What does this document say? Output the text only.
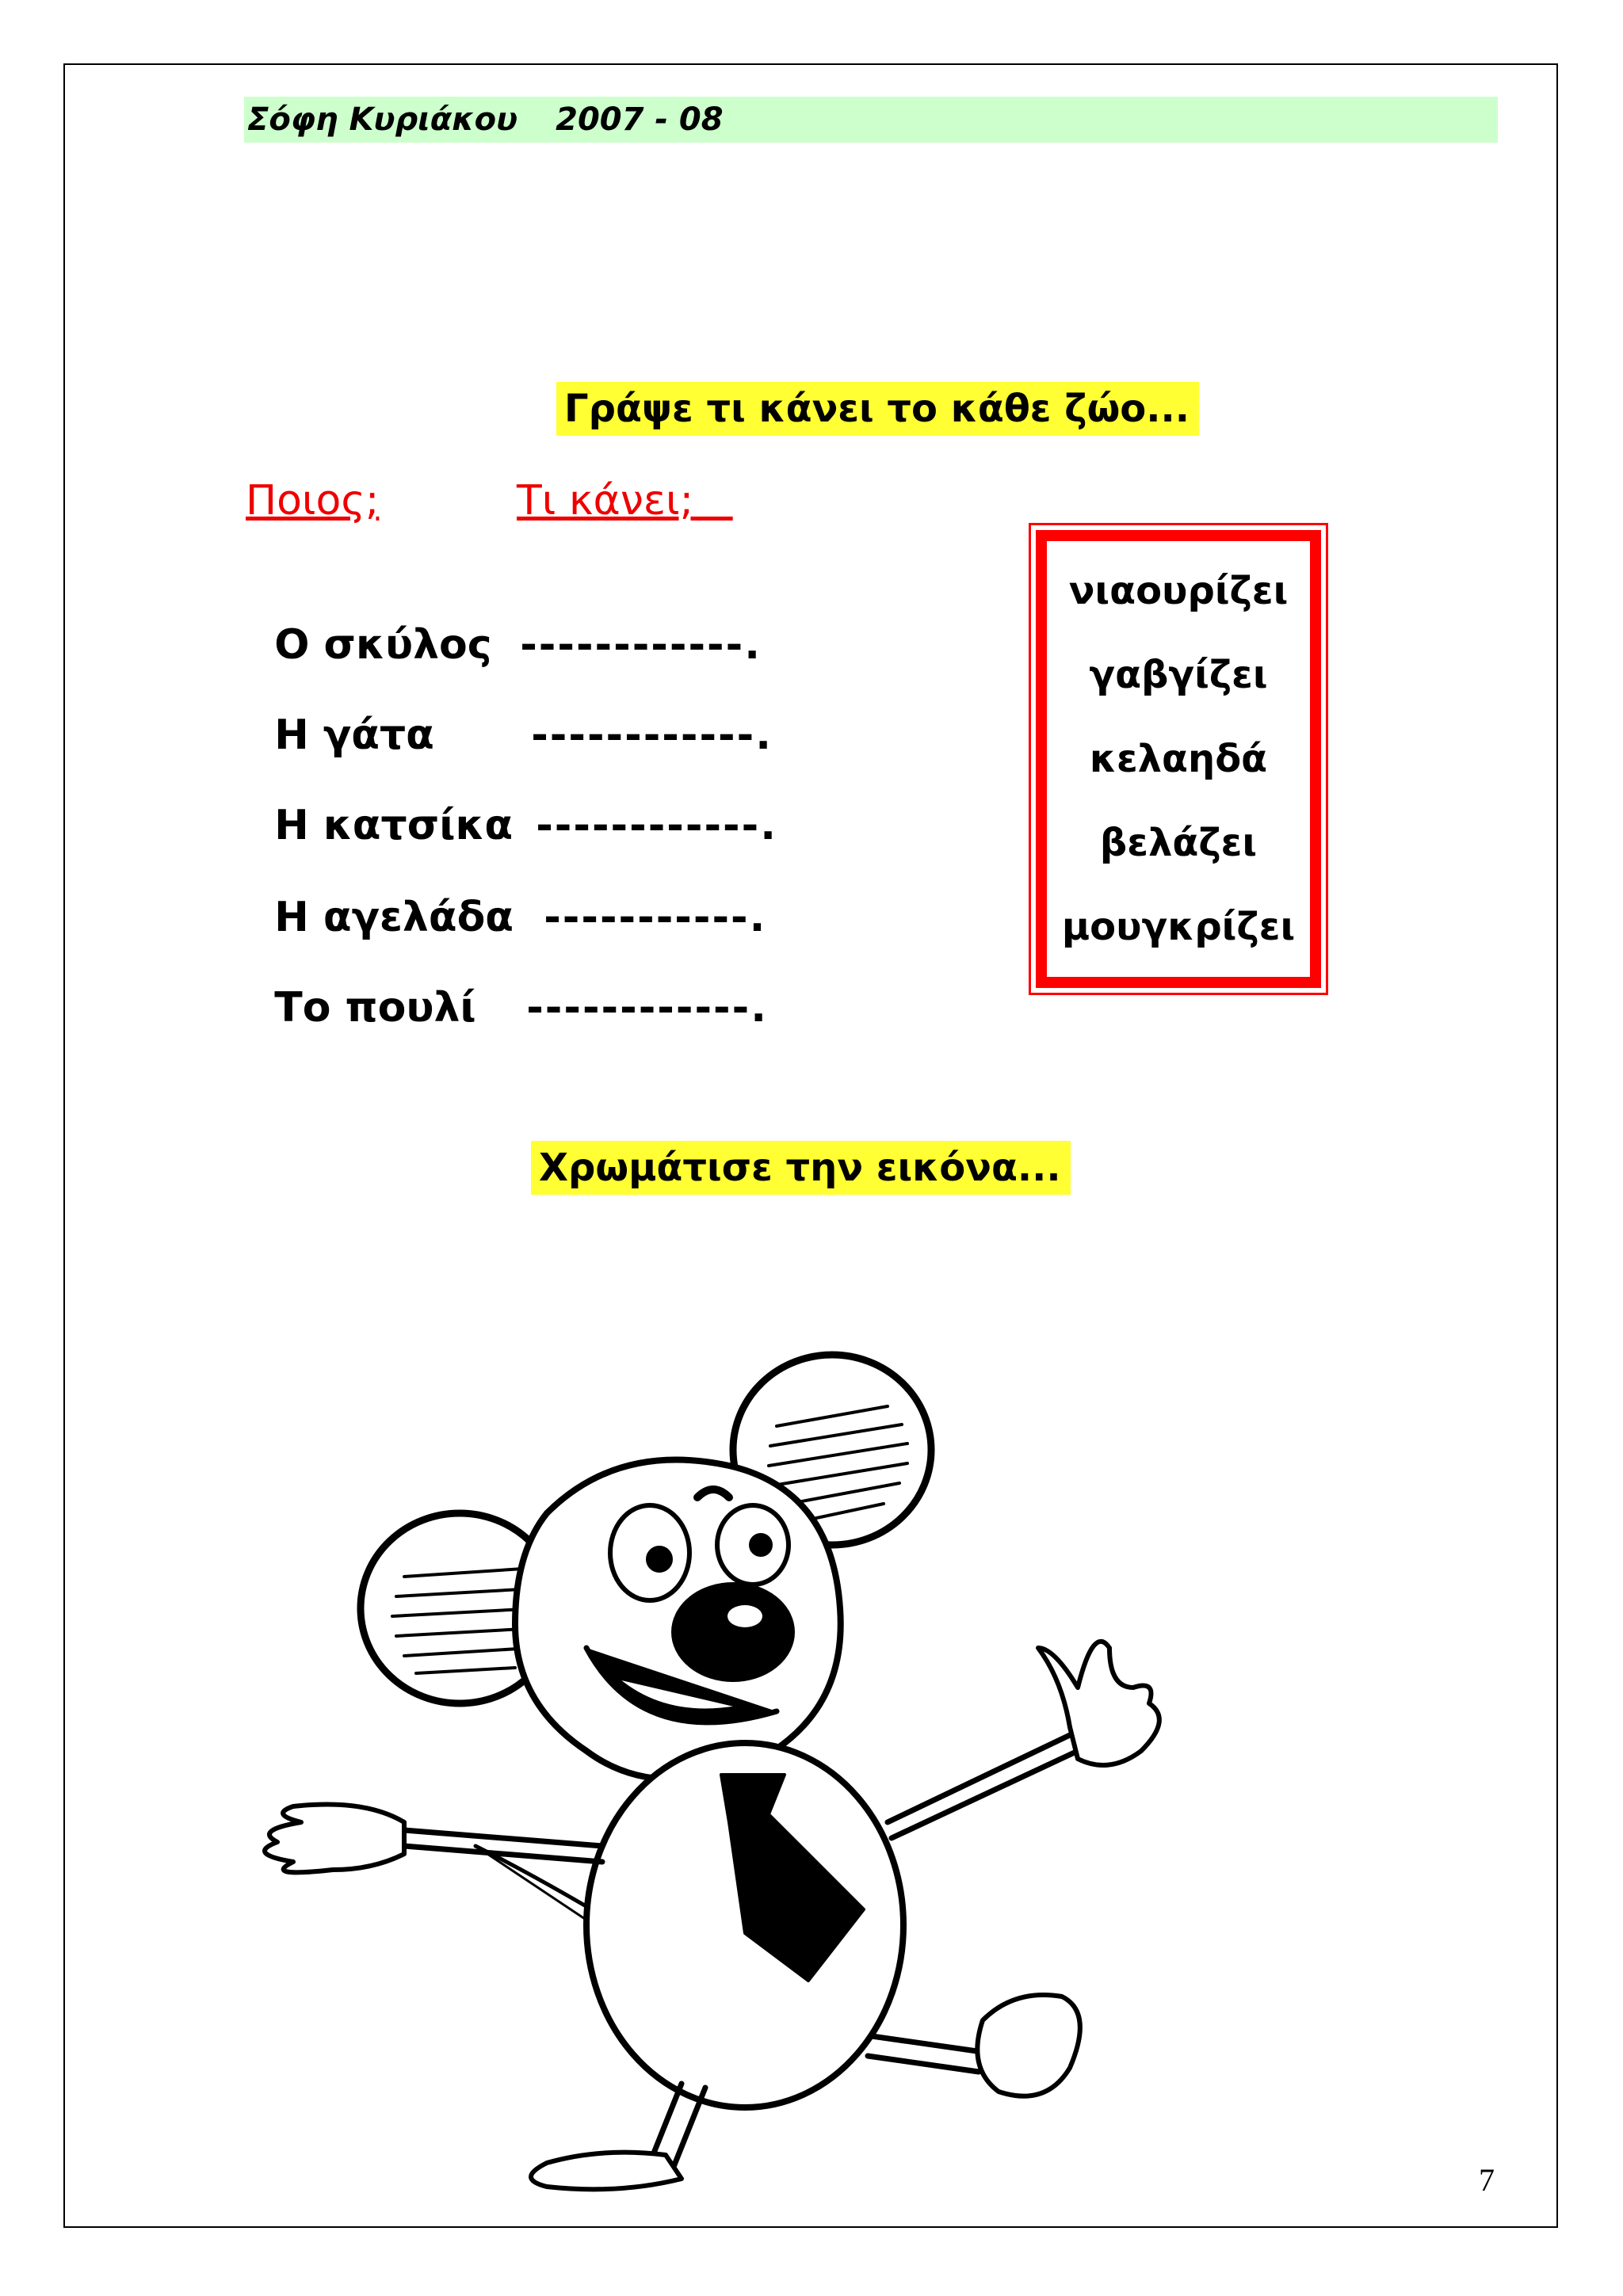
Σόφη Κυριάκου 2007 - 08
Γράψε τι κάνει το κάθε ζώο...
Ποιος;	Τι κάνει;

Ο σκύλος ------------.

Η γάτα ------------.

Η κατσίκα ------------.

Η αγελάδα -----------.

Το πουλί ------------.

νιαουρίζει
γαβγίζει
κελαηδά
βελάζει
μουγκρίζει
Χρωμάτισε την εικόνα...
7
